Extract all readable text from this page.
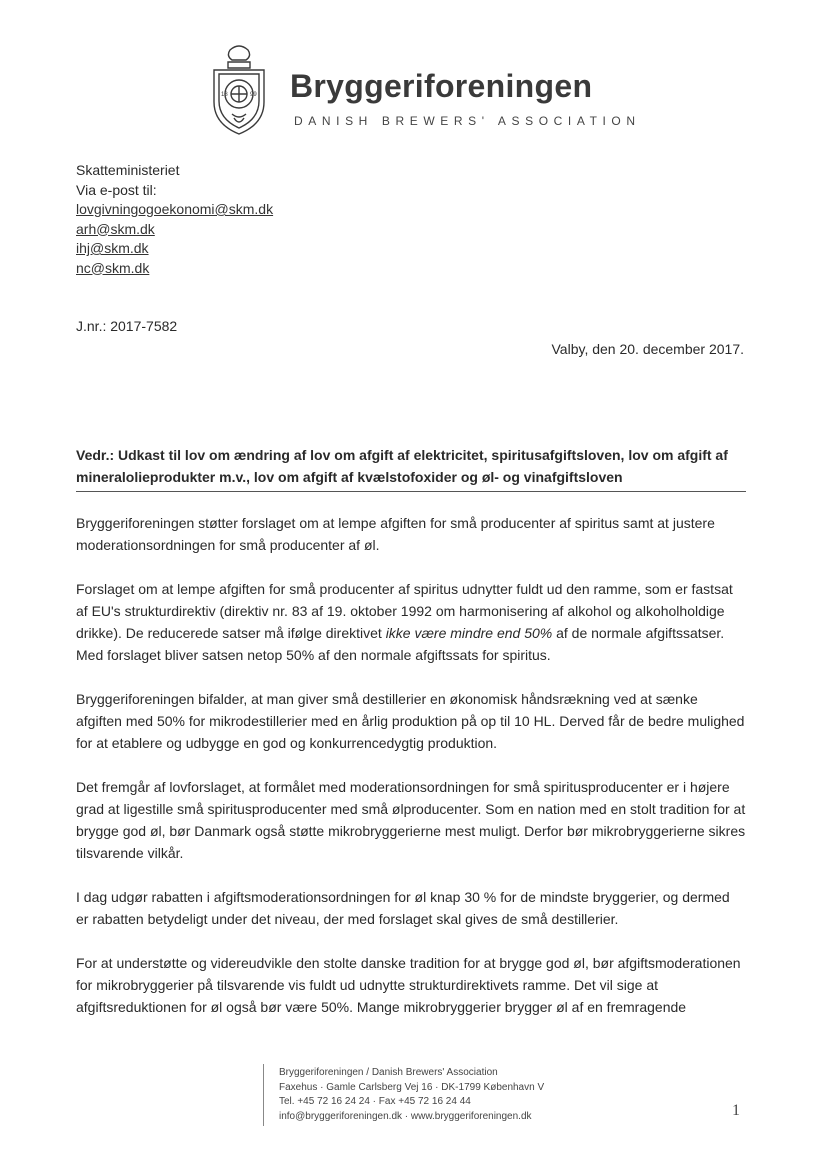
18	99 Bryggeriforeningen
DANISH BREWERS' ASSOCIATION
Skatteministeriet
Via e-post til:
lovgivningogoekonomi@skm.dk
arh@skm.dk
ihj@skm.dk
nc@skm.dk
J.nr.: 2017-7582
Valby, den 20. december 2017.
Vedr.: Udkast til lov om ændring af lov om afgift af elektricitet, spiritusafgiftsloven, lov om afgift af mineralolieprodukter m.v., lov om afgift af kvælstofoxider og øl- og vinafgiftsloven

Bryggeriforeningen støtter forslaget om at lempe afgiften for små producenter af spiritus samt at justere moderationsordningen for små producenter af øl.

Forslaget om at lempe afgiften for små producenter af spiritus udnytter fuldt ud den ramme, som er fastsat af EU's strukturdirektiv (direktiv nr. 83 af 19. oktober 1992 om harmonisering af alkohol og alkoholholdige drikke). De reducerede satser må ifølge direktivet ikke være mindre end 50% af de normale afgiftssatser. Med forslaget bliver satsen netop 50% af den normale afgiftssats for spiritus.

Bryggeriforeningen bifalder, at man giver små destillerier en økonomisk håndsrækning ved at sænke afgiften med 50% for mikrodestillerier med en årlig produktion på op til 10 HL. Derved får de bedre mulighed for at etablere og udbygge en god og konkurrencedygtig produktion.

Det fremgår af lovforslaget, at formålet med moderationsordningen for små spiritusproducenter er i højere grad at ligestille små spiritusproducenter med små ølproducenter. Som en nation med en stolt tradition for at brygge god øl, bør Danmark også støtte mikrobryggerierne mest muligt. Derfor bør mikrobryggerierne sikres tilsvarende vilkår.

I dag udgør rabatten i afgiftsmoderationsordningen for øl knap 30 % for de mindste bryggerier, og dermed er rabatten betydeligt under det niveau, der med forslaget skal gives de små destillerier.

For at understøtte og videreudvikle den stolte danske tradition for at brygge god øl, bør afgiftsmoderationen for mikrobryggerier på tilsvarende vis fuldt ud udnytte strukturdirektivets ramme. Det vil sige at afgiftsreduktionen for øl også bør være 50%. Mange mikrobryggerier brygger øl af en fremragende

Bryggeriforeningen / Danish Brewers' Association
Faxehus · Gamle Carlsberg Vej 16 · DK-1799 København V
Tel. +45 72 16 24 24 · Fax +45 72 16 24 44
info@bryggeriforeningen.dk · www.bryggeriforeningen.dk	1
